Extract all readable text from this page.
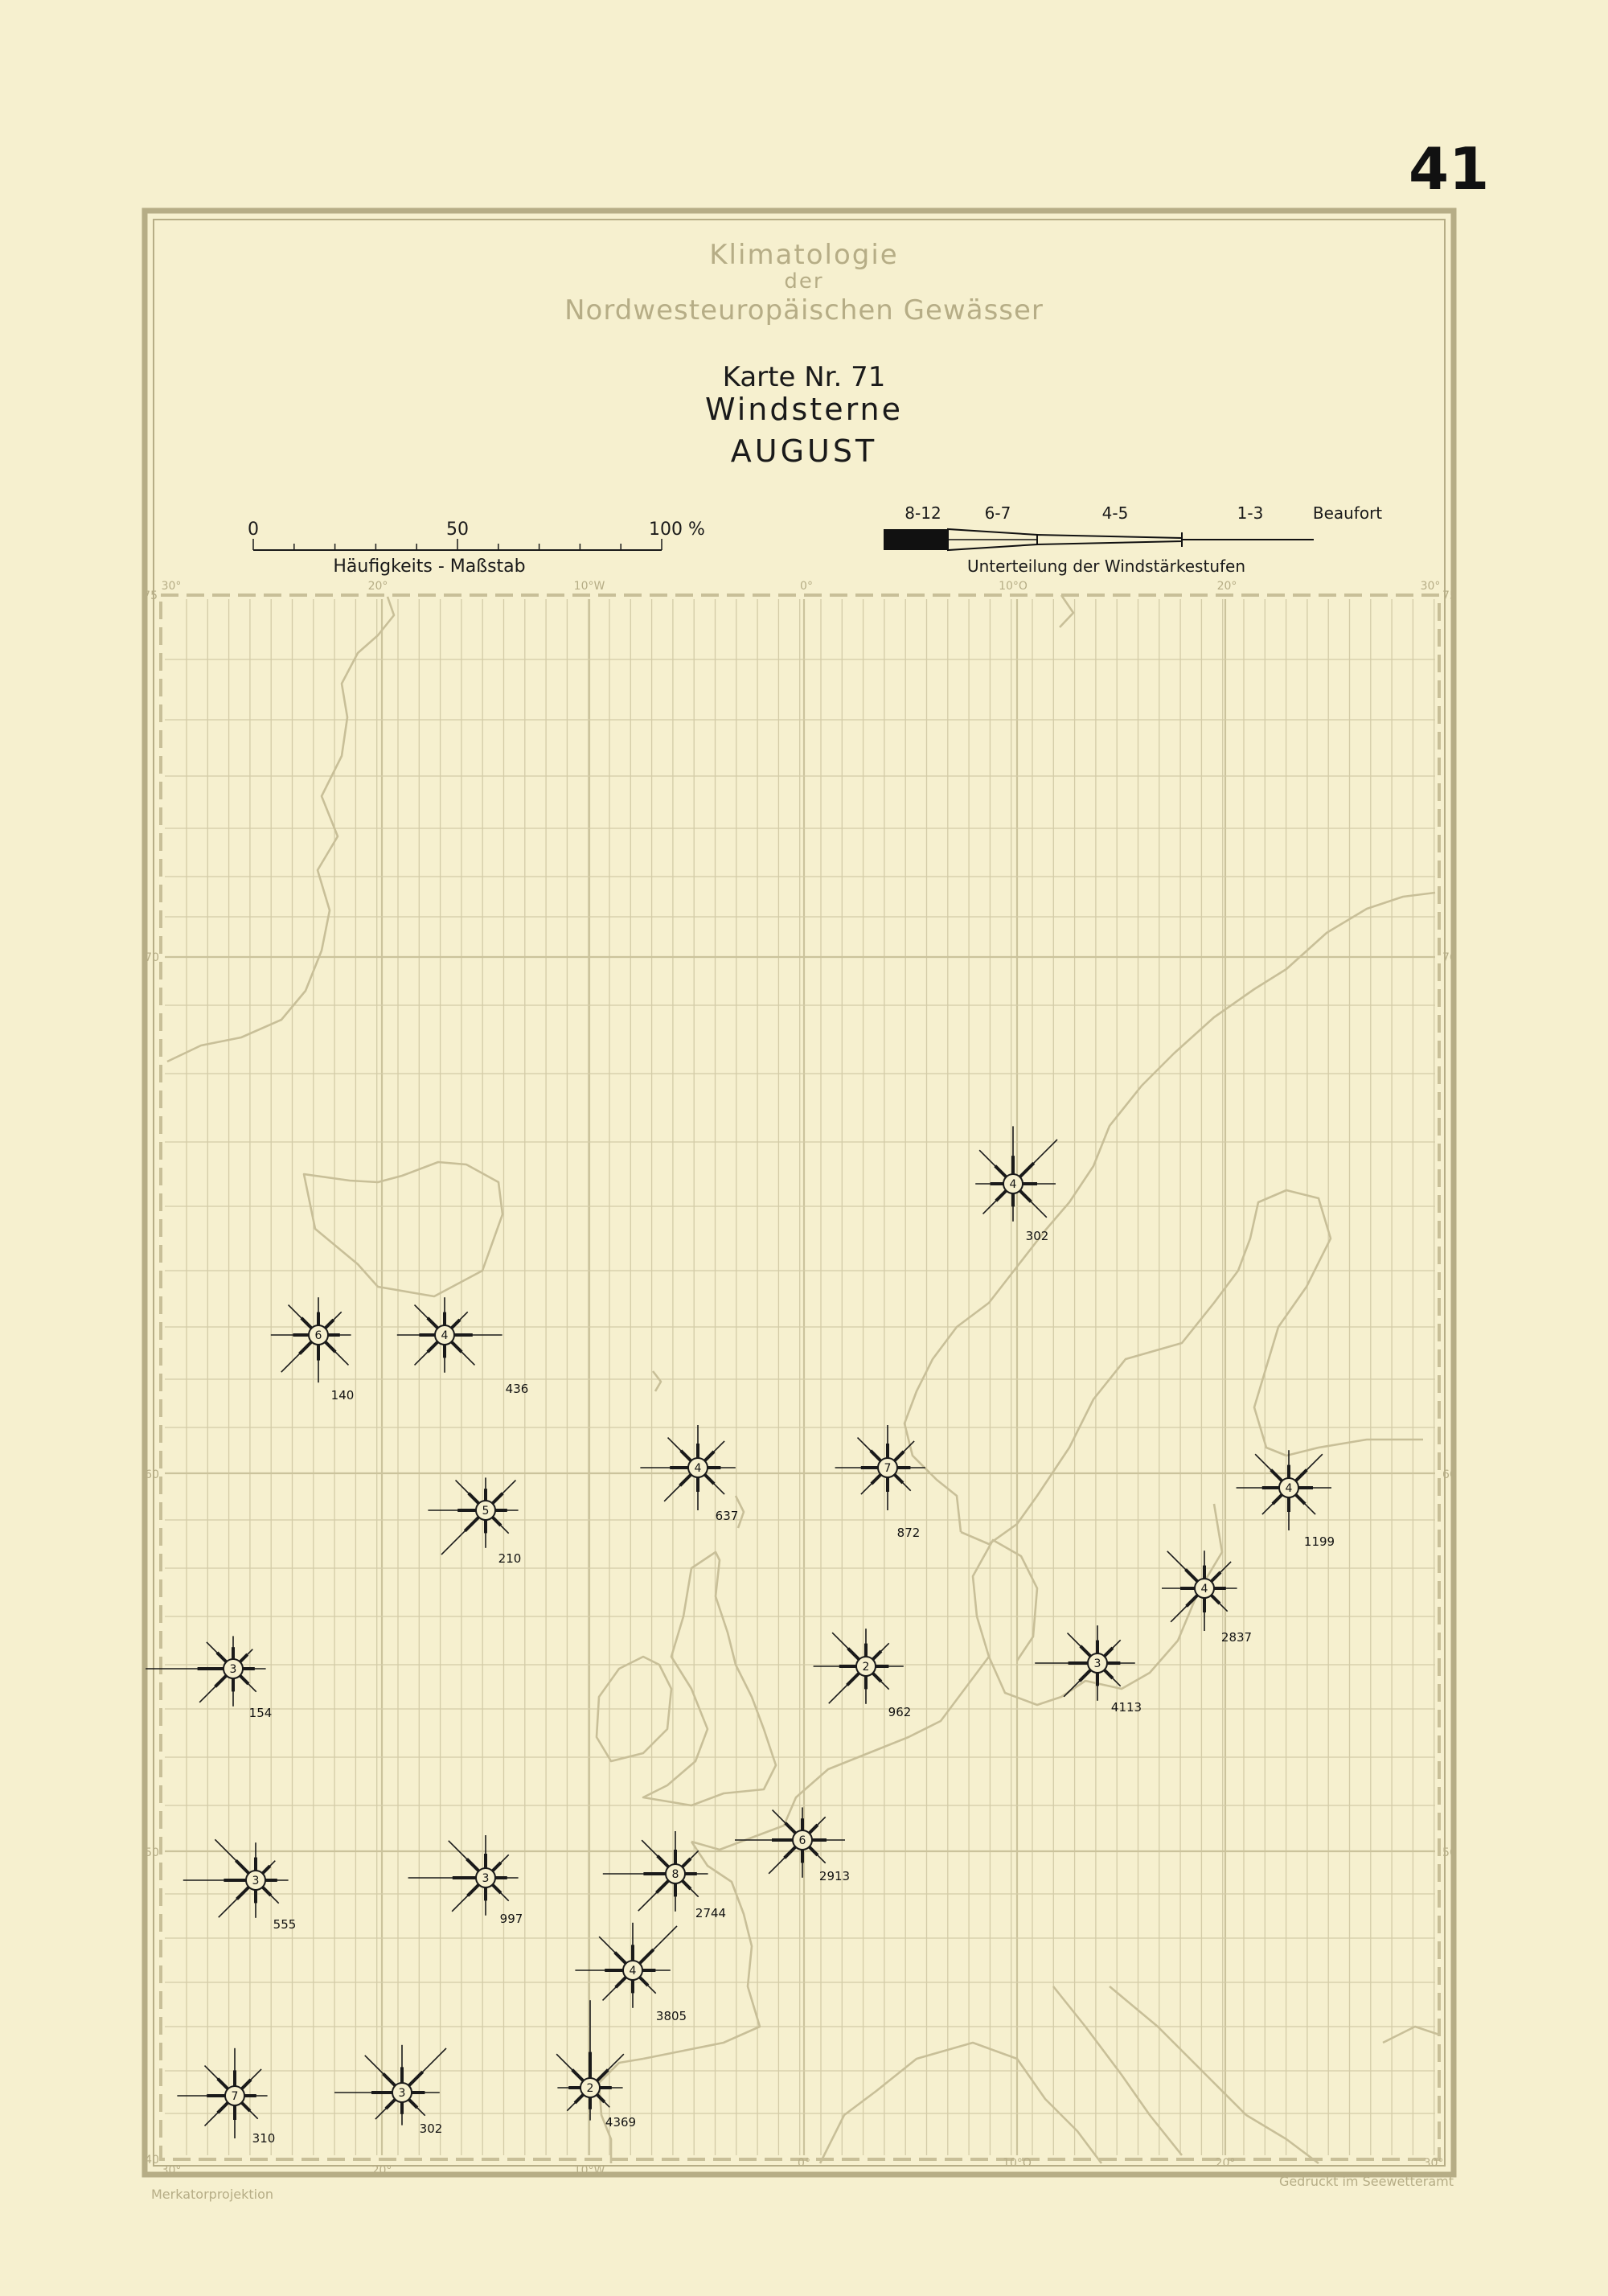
41
Klimatologie
der
Nordwesteuropäischen Gewässer
Karte Nr. 71
Windsterne
AUGUST
0	50	100 %
Häufigkeits - Maßstab
8-12	6-7	4-5	1-3	Beaufort
Unterteilung der Windstärkestufen
30°	20°	10°W	0°	10°O	20°	30°
30°	20°	10°W
0°	10°O	20°	30°
75
70
60
50
40
75
70
60
50
4
302
6
140
4
436
5
210
4
637
7
872
4
1199
4
2837
3
154
2
962
3
4113
3
555
3
997
8
2744
6
2913
4
3805
7
310
3
302
2
4369
Merkatorprojektion
Gedruckt im Seewetteramt
